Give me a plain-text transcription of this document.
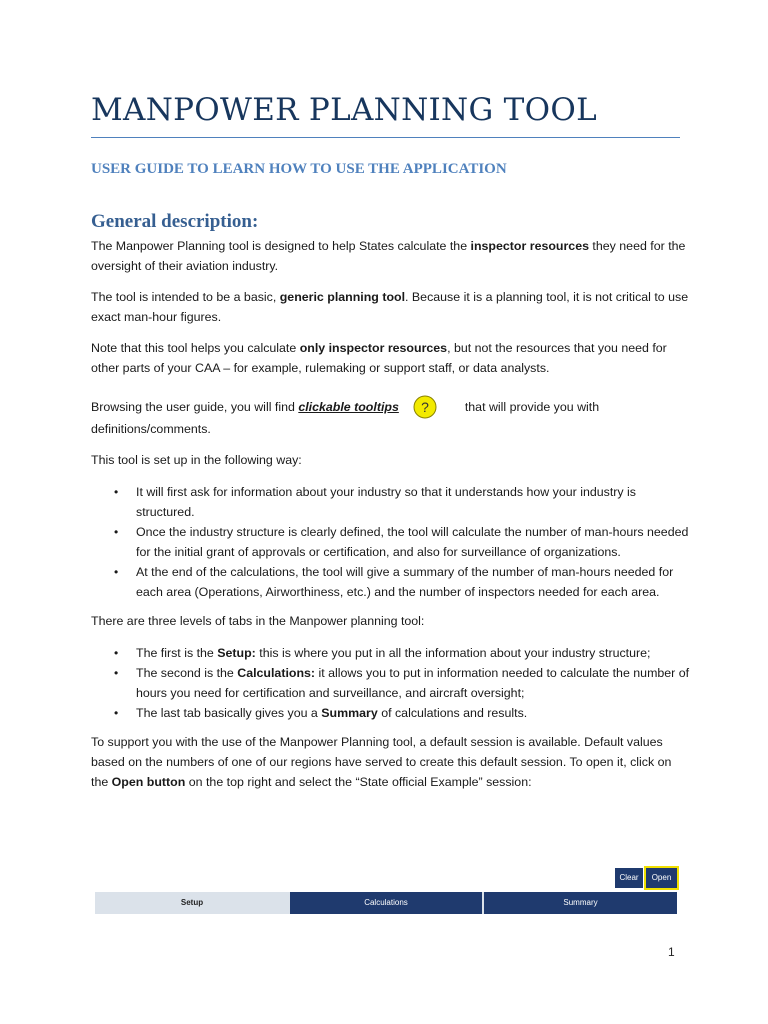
MANPOWER PLANNING TOOL
USER GUIDE TO LEARN HOW TO USE THE APPLICATION
General description:

The Manpower Planning tool is designed to help States calculate the inspector resources they need for the oversight of their aviation industry.

The tool is intended to be a basic, generic planning tool. Because it is a planning tool, it is not critical to use exact man-hour figures.

Note that this tool helps you calculate only inspector resources, but not the resources that you need for other parts of your CAA – for example, rulemaking or support staff, or data analysts.

Browsing the user guide, you will find clickable tooltips ?	that will provide you with definitions/comments.

This tool is set up in the following way:

• It will first ask for information about your industry so that it understands how your industry is structured.
• Once the industry structure is clearly defined, the tool will calculate the number of man-hours needed for the initial grant of approvals or certification, and also for surveillance of organizations.
• At the end of the calculations, the tool will give a summary of the number of man-hours needed for each area (Operations, Airworthiness, etc.) and the number of inspectors needed for each area.

There are three levels of tabs in the Manpower planning tool:

• The first is the Setup: this is where you put in all the information about your industry structure;
• The second is the Calculations: it allows you to put in information needed to calculate the number of hours you need for certification and surveillance, and aircraft oversight;
• The last tab basically gives you a Summary of calculations and results.

To support you with the use of the Manpower Planning tool, a default session is available. Default values based on the numbers of one of our regions have served to create this default session. To open it, click on the Open button on the top right and select the “State official Example” session:

Clear	Open
Setup	Calculations	Summary
1
